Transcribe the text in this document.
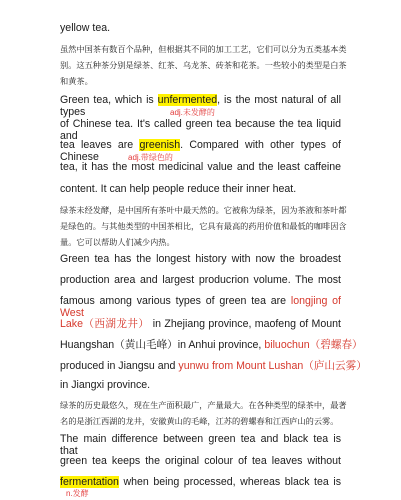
yellow tea.
虽然中国茶有数百个品种，但根据其不同的加工工艺，它们可以分为五类基本类
别。这五种茶分别是绿茶、红茶、乌龙茶、砖茶和花茶。一些较小的类型是白茶
和黄茶。
Green tea, which is unfermented, is the most natural of all types	adj.未发酵的
of Chinese tea. It's called green tea because the tea liquid and
tea leaves are greenish. Compared with other types of Chinese	adj.带绿色的
tea, it has the most medicinal value and the least caffeine
content. It can help people reduce their inner heat.
绿茶未经发酵，是中国所有茶叶中最天然的。它被称为绿茶，因为茶液和茶叶都
是绿色的。与其他类型的中国茶相比，它具有最高的药用价值和最低的咖啡因含
量。它可以帮助人们减少内热。
Green tea has the longest history with now the broadest
production area and largest producrion volume. The most
famous among various types of green tea are longjing of West
Lake（西湖龙井） in Zhejiang province, maofeng of Mount
Huangshan（黄山毛峰）in Anhui province, biluochun（碧螺春）
produced in Jiangsu and yunwu from Mount Lushan（庐山云雾）
in Jiangxi province.
绿茶的历史最悠久，现在生产面积最广，产量最大。在各种类型的绿茶中，最著
名的是浙江西湖的龙井，安徽黄山的毛峰，江苏的碧螺春和江西庐山的云雾。
The main difference between green tea and black tea is that
green tea keeps the original colour of tea leaves without
fermentation when being processed, whereas black tea is
n.发酵
